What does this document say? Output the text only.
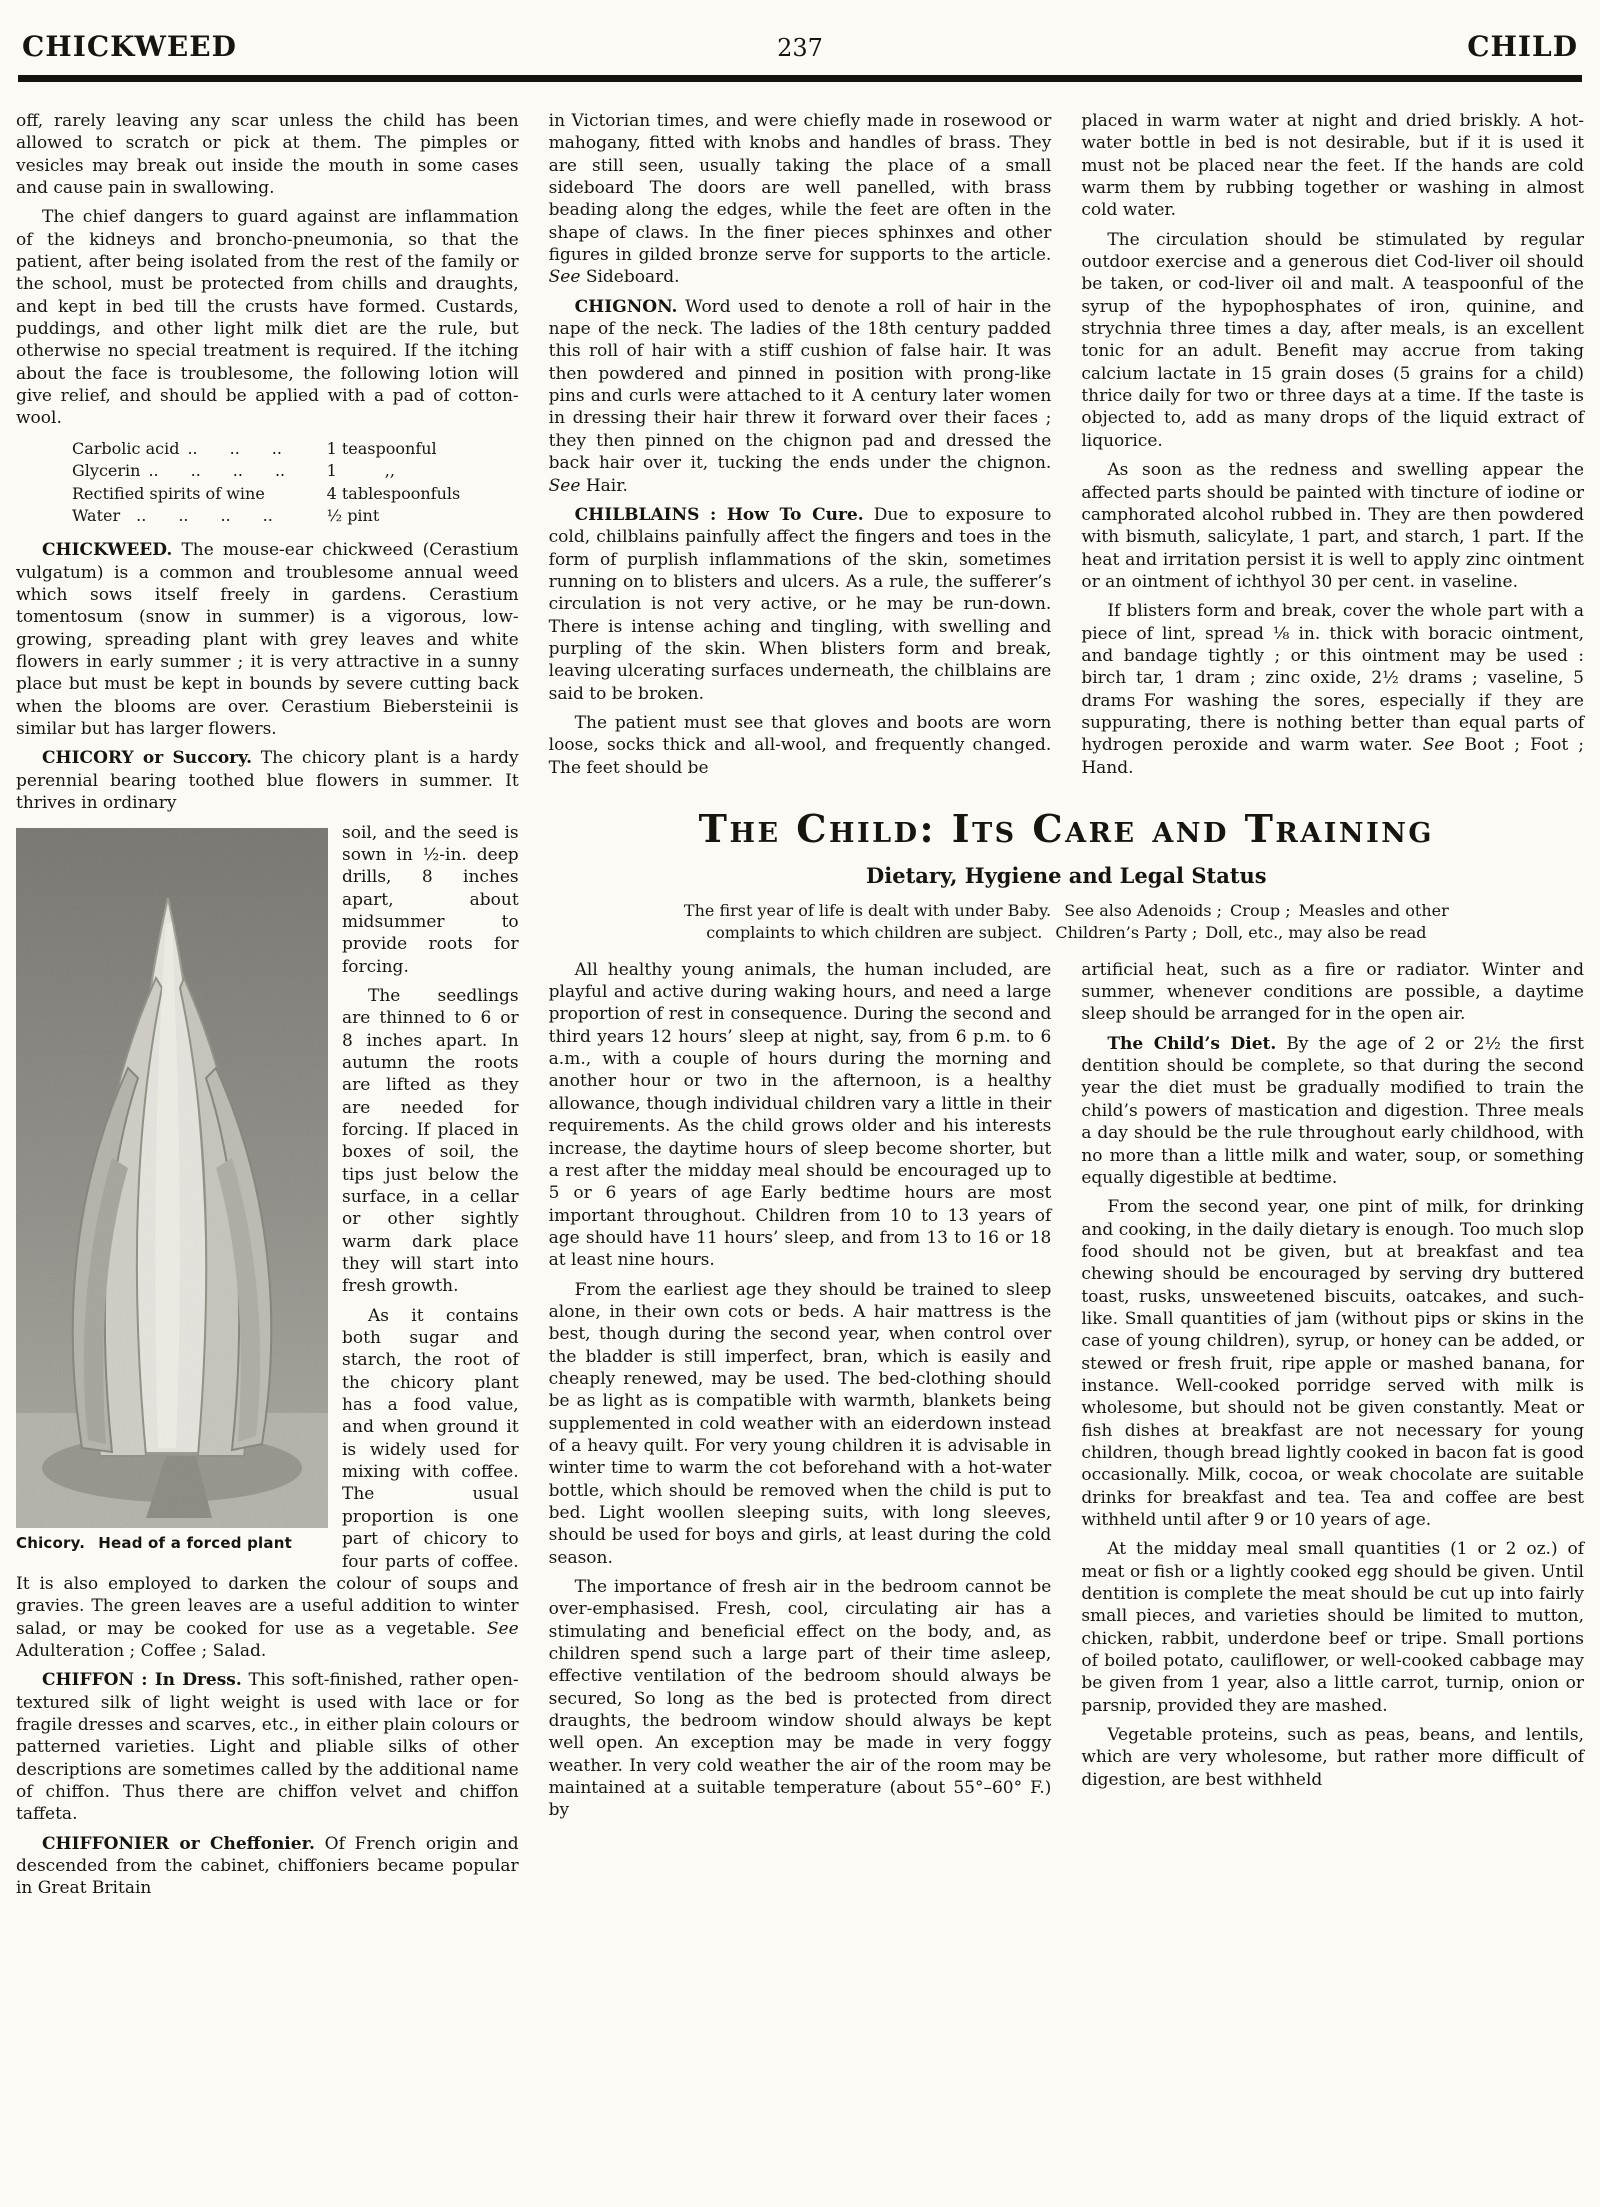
CHICKWEED	237	CHILD

off, rarely leaving any scar unless the child has been allowed to scratch or pick at them. The pimples or vesicles may break out inside the mouth in some cases and cause pain in swallowing.

The chief dangers to guard against are inflammation of the kidneys and broncho-pneumonia, so that the patient, after being isolated from the rest of the family or the school, must be protected from chills and draughts, and kept in bed till the crusts have formed. Custards, puddings, and other light milk diet are the rule, but otherwise no special treatment is required. If the itching about the face is troublesome, the following lotion will give relief, and should be applied with a pad of cotton-wool.

Carbolic acid ..  ..  ..	1 teaspoonful
Glycerin ..  ..  ..  ..	1   ,,
Rectified spirits of wine	4 tablespoonfuls
Water ..  ..  ..  ..	½ pint

CHICKWEED. The mouse-ear chickweed (Cerastium vulgatum) is a common and troublesome annual weed which sows itself freely in gardens. Cerastium tomentosum (snow in summer) is a vigorous, low-growing, spreading plant with grey leaves and white flowers in early summer ; it is very attractive in a sunny place but must be kept in bounds by severe cutting back when the blooms are over. Cerastium Biebersteinii is similar but has larger flowers.

CHICORY or Succory. The chicory plant is a hardy perennial bearing toothed blue flowers in summer. It thrives in ordinary

Chicory.  Head of a forced plant

soil, and the seed is sown in ½-in. deep drills, 8 inches apart, about midsummer to provide roots for forcing.

The seedlings are thinned to 6 or 8 inches apart. In autumn the roots are lifted as they are needed for forcing. If placed in boxes of soil, the tips just below the surface, in a cellar or other sightly warm dark place they will start into fresh growth.

As it contains both sugar and starch, the root of the chicory plant has a food value, and when ground it is widely used for mixing with coffee. The usual proportion is one part of chicory to four parts of coffee. It is also employed to darken the colour of soups and gravies. The green leaves are a useful addition to winter salad, or may be cooked for use as a vegetable. See Adulteration ; Coffee ; Salad.

CHIFFON : In Dress. This soft-finished, rather open-textured silk of light weight is used with lace or for fragile dresses and scarves, etc., in either plain colours or patterned varieties. Light and pliable silks of other descriptions are sometimes called by the additional name of chiffon. Thus there are chiffon velvet and chiffon taffeta.

CHIFFONIER or Cheffonier. Of French origin and descended from the cabinet, chiffoniers became popular in Great Britain

in Victorian times, and were chiefly made in rosewood or mahogany, fitted with knobs and handles of brass. They are still seen, usually taking the place of a small sideboard The doors are well panelled, with brass beading along the edges, while the feet are often in the shape of claws. In the finer pieces sphinxes and other figures in gilded bronze serve for supports to the article. See Sideboard.

CHIGNON. Word used to denote a roll of hair in the nape of the neck. The ladies of the 18th century padded this roll of hair with a stiff cushion of false hair. It was then powdered and pinned in position with prong-like pins and curls were attached to it A century later women in dressing their hair threw it forward over their faces ; they then pinned on the chignon pad and dressed the back hair over it, tucking the ends under the chignon. See Hair.

CHILBLAINS : How To Cure. Due to exposure to cold, chilblains painfully affect the fingers and toes in the form of purplish inflammations of the skin, sometimes running on to blisters and ulcers. As a rule, the sufferer’s circulation is not very active, or he may be run-down. There is intense aching and tingling, with swelling and purpling of the skin. When blisters form and break, leaving ulcerating surfaces underneath, the chilblains are said to be broken.

The patient must see that gloves and boots are worn loose, socks thick and all-wool, and frequently changed. The feet should be

placed in warm water at night and dried briskly. A hot-water bottle in bed is not desirable, but if it is used it must not be placed near the feet. If the hands are cold warm them by rubbing together or washing in almost cold water.

The circulation should be stimulated by regular outdoor exercise and a generous diet Cod-liver oil should be taken, or cod-liver oil and malt. A teaspoonful of the syrup of the hypophosphates of iron, quinine, and strychnia three times a day, after meals, is an excellent tonic for an adult. Benefit may accrue from taking calcium lactate in 15 grain doses (5 grains for a child) thrice daily for two or three days at a time. If the taste is objected to, add as many drops of the liquid extract of liquorice.

As soon as the redness and swelling appear the affected parts should be painted with tincture of iodine or camphorated alcohol rubbed in. They are then powdered with bismuth, salicylate, 1 part, and starch, 1 part. If the heat and irritation persist it is well to apply zinc ointment or an ointment of ichthyol 30 per cent. in vaseline.

If blisters form and break, cover the whole part with a piece of lint, spread ⅛ in. thick with boracic ointment, and bandage tightly ; or this ointment may be used : birch tar, 1 dram ; zinc oxide, 2½ drams ; vaseline, 5 drams For washing the sores, especially if they are suppurating, there is nothing better than equal parts of hydrogen peroxide and warm water. See Boot ; Foot ; Hand.

The Child: Its Care and Training
Dietary, Hygiene and Legal Status
The first year of life is dealt with under Baby.  See also Adenoids ; Croup ; Measles and other
complaints to which children are subject.  Children’s Party ; Doll, etc., may also be read

All healthy young animals, the human included, are playful and active during waking hours, and need a large proportion of rest in consequence. During the second and third years 12 hours’ sleep at night, say, from 6 p.m. to 6 a.m., with a couple of hours during the morning and another hour or two in the afternoon, is a healthy allowance, though individual children vary a little in their requirements. As the child grows older and his interests increase, the daytime hours of sleep become shorter, but a rest after the midday meal should be encouraged up to 5 or 6 years of age Early bedtime hours are most important throughout. Children from 10 to 13 years of age should have 11 hours’ sleep, and from 13 to 16 or 18 at least nine hours.

From the earliest age they should be trained to sleep alone, in their own cots or beds. A hair mattress is the best, though during the second year, when control over the bladder is still imperfect, bran, which is easily and cheaply renewed, may be used. The bed-clothing should be as light as is compatible with warmth, blankets being supplemented in cold weather with an eiderdown instead of a heavy quilt. For very young children it is advisable in winter time to warm the cot beforehand with a hot-water bottle, which should be removed when the child is put to bed. Light woollen sleeping suits, with long sleeves, should be used for boys and girls, at least during the cold season.

The importance of fresh air in the bedroom cannot be over-emphasised. Fresh, cool, circulating air has a stimulating and beneficial effect on the body, and, as children spend such a large part of their time asleep, effective ventilation of the bedroom should always be secured, So long as the bed is protected from direct draughts, the bedroom window should always be kept well open. An exception may be made in very foggy weather. In very cold weather the air of the room may be maintained at a suitable temperature (about 55°–60° F.) by

artificial heat, such as a fire or radiator. Winter and summer, whenever conditions are possible, a daytime sleep should be arranged for in the open air.

The Child’s Diet. By the age of 2 or 2½ the first dentition should be complete, so that during the second year the diet must be gradually modified to train the child’s powers of mastication and digestion. Three meals a day should be the rule throughout early childhood, with no more than a little milk and water, soup, or something equally digestible at bedtime.

From the second year, one pint of milk, for drinking and cooking, in the daily dietary is enough. Too much slop food should not be given, but at breakfast and tea chewing should be encouraged by serving dry buttered toast, rusks, unsweetened biscuits, oatcakes, and such-like. Small quantities of jam (without pips or skins in the case of young children), syrup, or honey can be added, or stewed or fresh fruit, ripe apple or mashed banana, for instance. Well-cooked porridge served with milk is wholesome, but should not be given constantly. Meat or fish dishes at breakfast are not necessary for young children, though bread lightly cooked in bacon fat is good occasionally. Milk, cocoa, or weak chocolate are suitable drinks for breakfast and tea. Tea and coffee are best withheld until after 9 or 10 years of age.

At the midday meal small quantities (1 or 2 oz.) of meat or fish or a lightly cooked egg should be given. Until dentition is complete the meat should be cut up into fairly small pieces, and varieties should be limited to mutton, chicken, rabbit, underdone beef or tripe. Small portions of boiled potato, cauliflower, or well-cooked cabbage may be given from 1 year, also a little carrot, turnip, onion or parsnip, provided they are mashed.

Vegetable proteins, such as peas, beans, and lentils, which are very wholesome, but rather more difficult of digestion, are best withheld
